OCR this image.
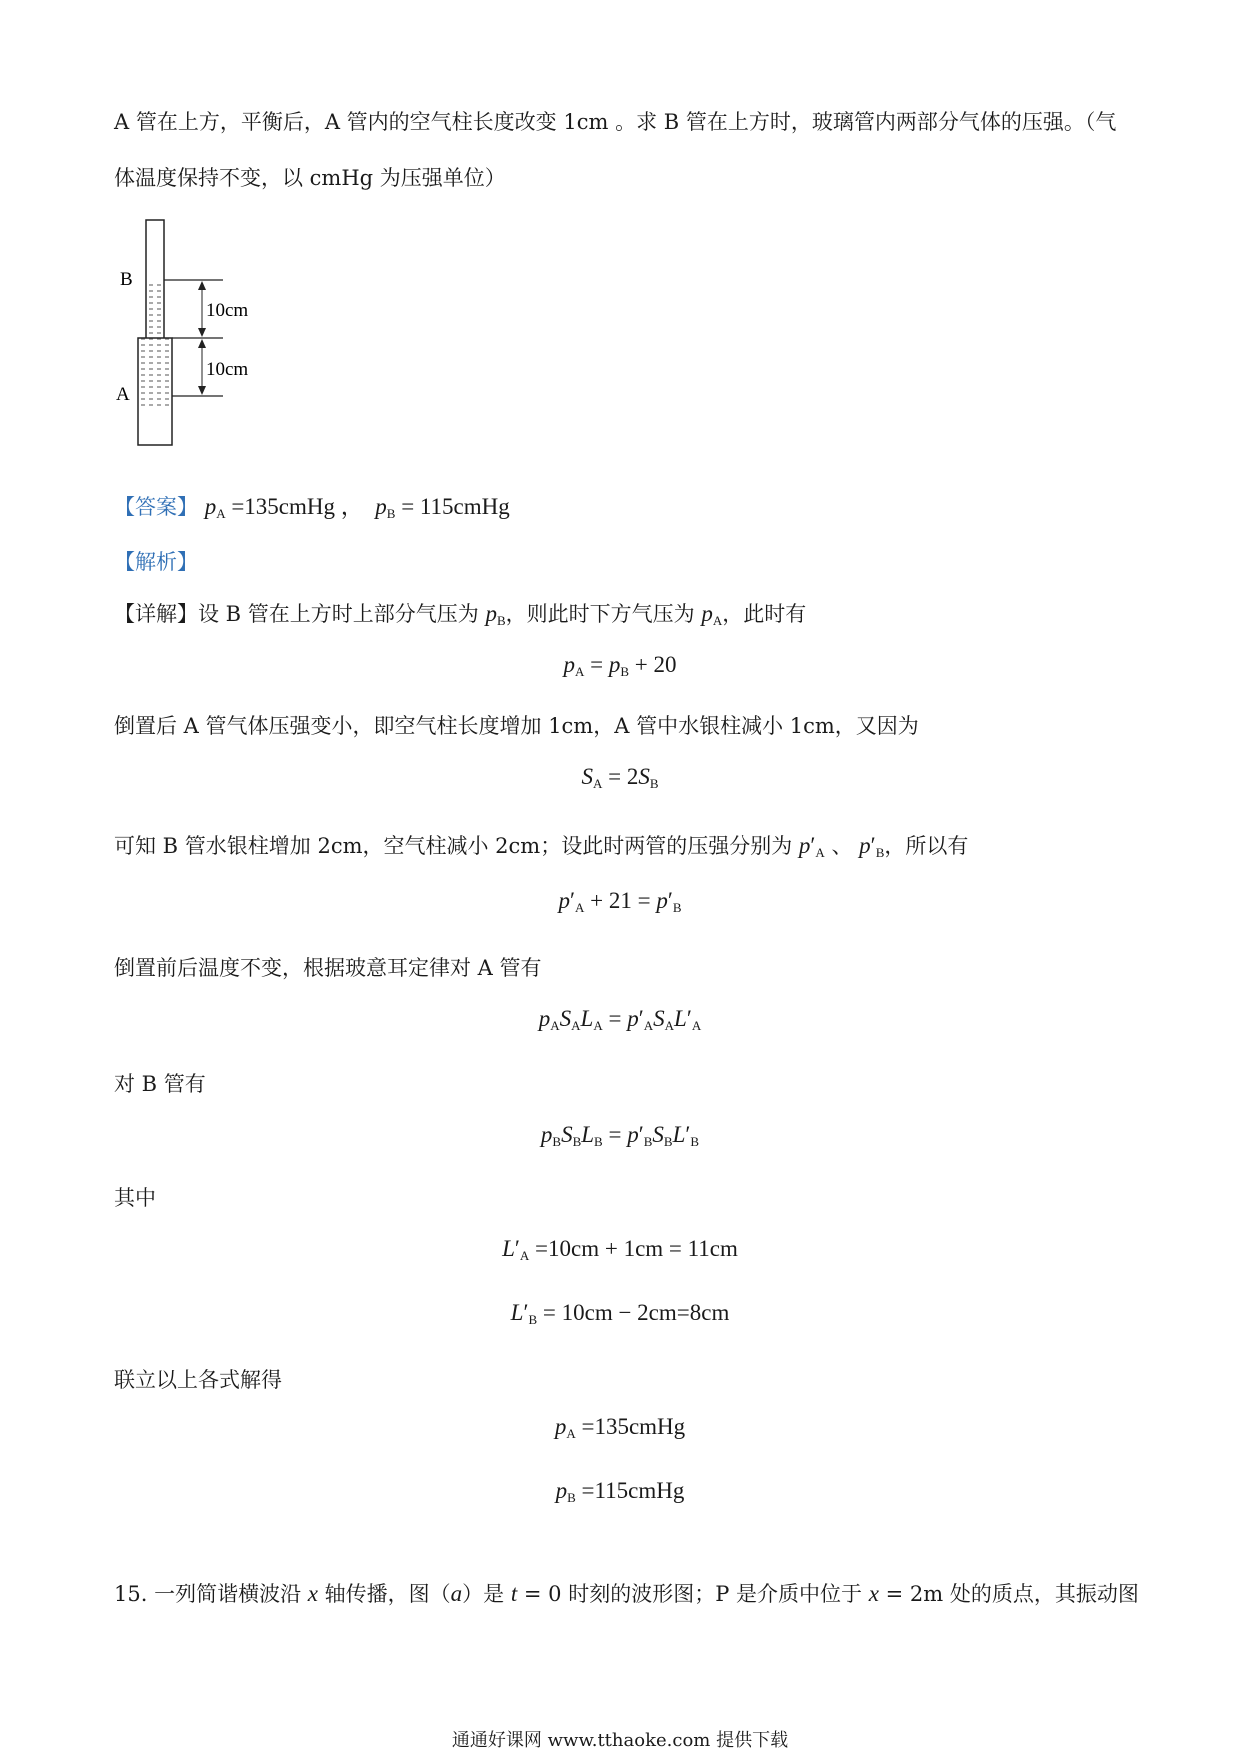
A 管在上方，平衡后，A 管内的空气柱长度改变 1cm 。求 B 管在上方时，玻璃管内两部分气体的压强。（气
体温度保持不变，以 cmHg 为压强单位）
B
A
10cm
10cm
【答案】 $p_A$ =135cmHg ， $p_B$ = 115cmHg
【解析】
【详解】设 B 管在上方时上部分气压为 $p_B$，则此时下方气压为 $p_A$，此时有
$p_A = p_B + 20$
倒置后 A 管气体压强变小，即空气柱长度增加 1cm，A 管中水银柱减小 1cm，又因为
$S_A = 2S_B$
可知 B 管水银柱增加 2cm，空气柱减小 2cm；设此时两管的压强分别为 $p'_A$ 、 $p'_B$，所以有
$p'_A + 21 = p'_B$
倒置前后温度不变，根据玻意耳定律对 A 管有
$p_AS_AL_A = p'_AS_AL'_A$
对 B 管有
$p_BS_BL_B = p'_BS_BL'_B$
其中
$L'_A =10cm + 1cm = 11cm$
$L'_B = 10cm - 2cm=8cm$
联立以上各式解得
$p_A$ =135cmHg
$p_B$ =115cmHg
15. 一列简谐横波沿 x 轴传播，图（a）是 t = 0 时刻的波形图；P 是介质中位于 x = 2m 处的质点，其振动图
通通好课网 www.tthaoke.com 提供下载
